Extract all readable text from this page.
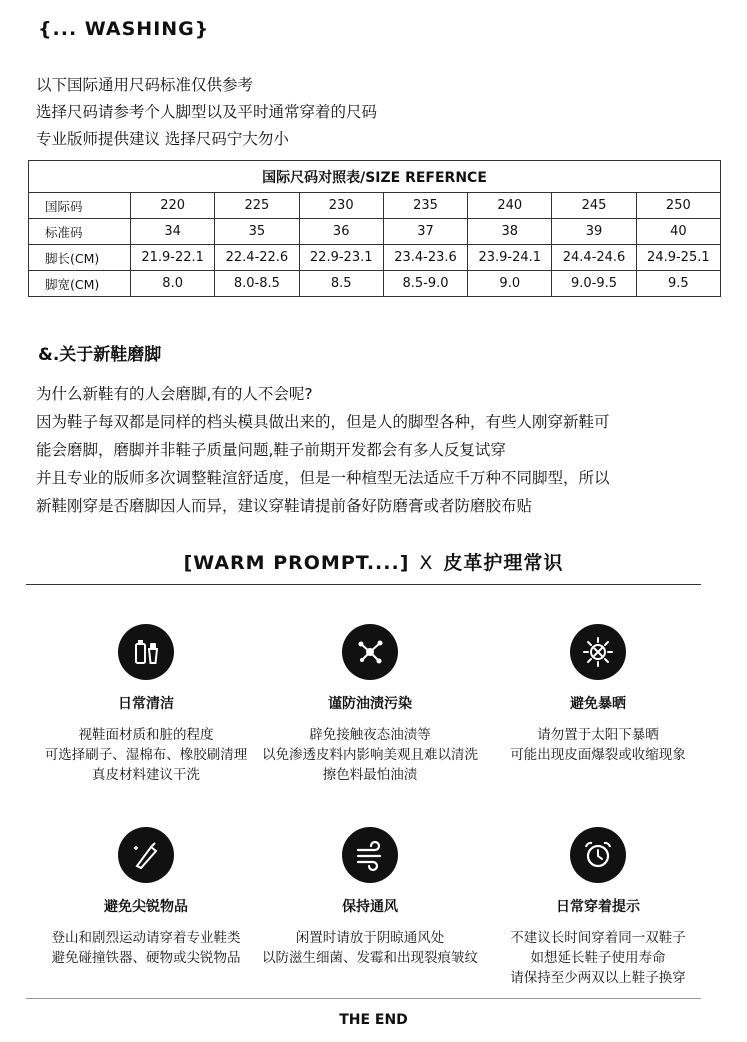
{... WASHING}
以下国际通用尺码标准仅供参考
选择尺码请参考个人脚型以及平时通常穿着的尺码
专业版师提供建议 选择尺码宁大勿小
国际尺码对照表/SIZE REFERNCE							
国际码	220	225	230	235	240	245	250
标准码	34	35	36	37	38	39	40
脚长(CM)	21.9-22.1	22.4-22.6	22.9-23.1	23.4-23.6	23.9-24.1	24.4-24.6	24.9-25.1
脚宽(CM)	8.0	8.0-8.5	8.5	8.5-9.0	9.0	9.0-9.5	9.5
&.关于新鞋磨脚
为什么新鞋有的人会磨脚,有的人不会呢?
因为鞋子每双都是同样的档头模具做出来的，但是人的脚型各种，有些人刚穿新鞋可
能会磨脚，磨脚并非鞋子质量问题,鞋子前期开发都会有多人反复试穿
并且专业的版师多次调整鞋渲舒适度，但是一种楦型无法适应千万种不同脚型，所以
新鞋刚穿是否磨脚因人而异，建议穿鞋请提前备好防磨膏或者防磨胶布贴
[WARM PROMPT....] X 皮革护理常识
日常清洁
视鞋面材质和脏的程度
可选择刷子、湿棉布、橡胶刷清理
真皮材料建议干洗
谨防油渍污染
辟免接触夜态油渍等
以免渗透皮料内影响美观且难以清洗
擦色料最怕油渍
避免暴晒
请勿置于太阳下暴晒
可能出现皮面爆裂或收缩现象
避免尖锐物品
登山和剧烈运动请穿着专业鞋类
避免碰撞铁器、硬物或尖锐物品
保持通风
闲置时请放于阴晾通风处
以防滋生细菌、发霉和出现裂痕皱纹
日常穿着提示
不建议长时间穿着同一双鞋子
如想延长鞋子使用寿命
请保持至少两双以上鞋子换穿
THE END
